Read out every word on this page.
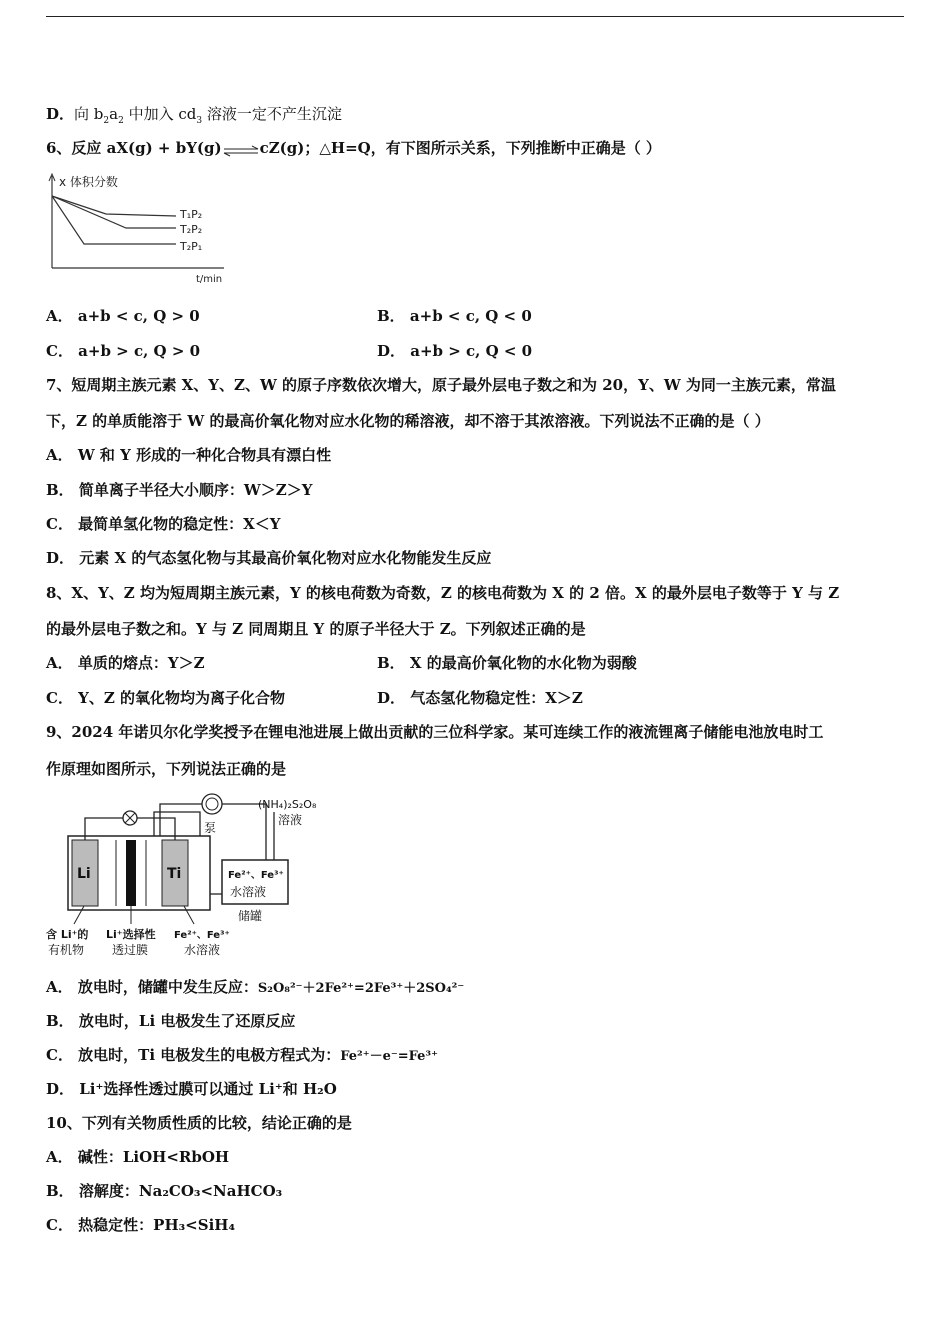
D．向 $b_2a_2$ 中加入 $cd_3$ 溶液一定不产生沉淀
6、反应 aX(g) + bY(g)⇌cZ(g)；△H=Q，有下图所示关系，下列推断中正确是（ ）
x 体积分数
t/min
T₁P₂
T₂P₂
T₂P₁
A． a+b < c, Q > 0	B． a+b < c, Q < 0
C． a+b > c, Q > 0	D． a+b > c, Q < 0
7、短周期主族元素 X、Y、Z、W 的原子序数依次增大，原子最外层电子数之和为 20，Y、W 为同一主族元素，常温
下，Z 的单质能溶于 W 的最高价氧化物对应水化物的稀溶液，却不溶于其浓溶液。下列说法不正确的是（ ）
A． W 和 Y 形成的一种化合物具有漂白性
B． 简单离子半径大小顺序：W＞Z＞Y
C． 最简单氢化物的稳定性：X＜Y
D． 元素 X 的气态氢化物与其最高价氧化物对应水化物能发生反应
8、X、Y、Z 均为短周期主族元素，Y 的核电荷数为奇数，Z 的核电荷数为 X 的 2 倍。X 的最外层电子数等于 Y 与 Z
的最外层电子数之和。Y 与 Z 同周期且 Y 的原子半径大于 Z。下列叙述正确的是
A． 单质的熔点：Y＞Z	B． X 的最高价氧化物的水化物为弱酸
C． Y、Z 的氧化物均为离子化合物	D． 气态氢化物稳定性：X＞Z
9、2024 年诺贝尔化学奖授予在锂电池进展上做出贡献的三位科学家。某可连续工作的液流锂离子储能电池放电时工
作原理如图所示，下列说法正确的是
Li	Ti
泵
(NH₄)₂S₂O₈
溶液
Fe²⁺、Fe³⁺
水溶液
储罐
含 Li⁺的
有机物
Li⁺选择性
透过膜
Fe²⁺、Fe³⁺
水溶液
A． 放电时，储罐中发生反应：S₂O₈²⁻＋2Fe²⁺=2Fe³⁺＋2SO₄²⁻
B． 放电时，Li 电极发生了还原反应
C． 放电时，Ti 电极发生的电极方程式为：Fe²⁺－e⁻=Fe³⁺
D． Li⁺选择性透过膜可以通过 Li⁺和 H₂O
10、下列有关物质性质的比较，结论正确的是
A． 碱性：LiOH<RbOH
B． 溶解度：Na₂CO₃<NaHCO₃
C． 热稳定性：PH₃<SiH₄
